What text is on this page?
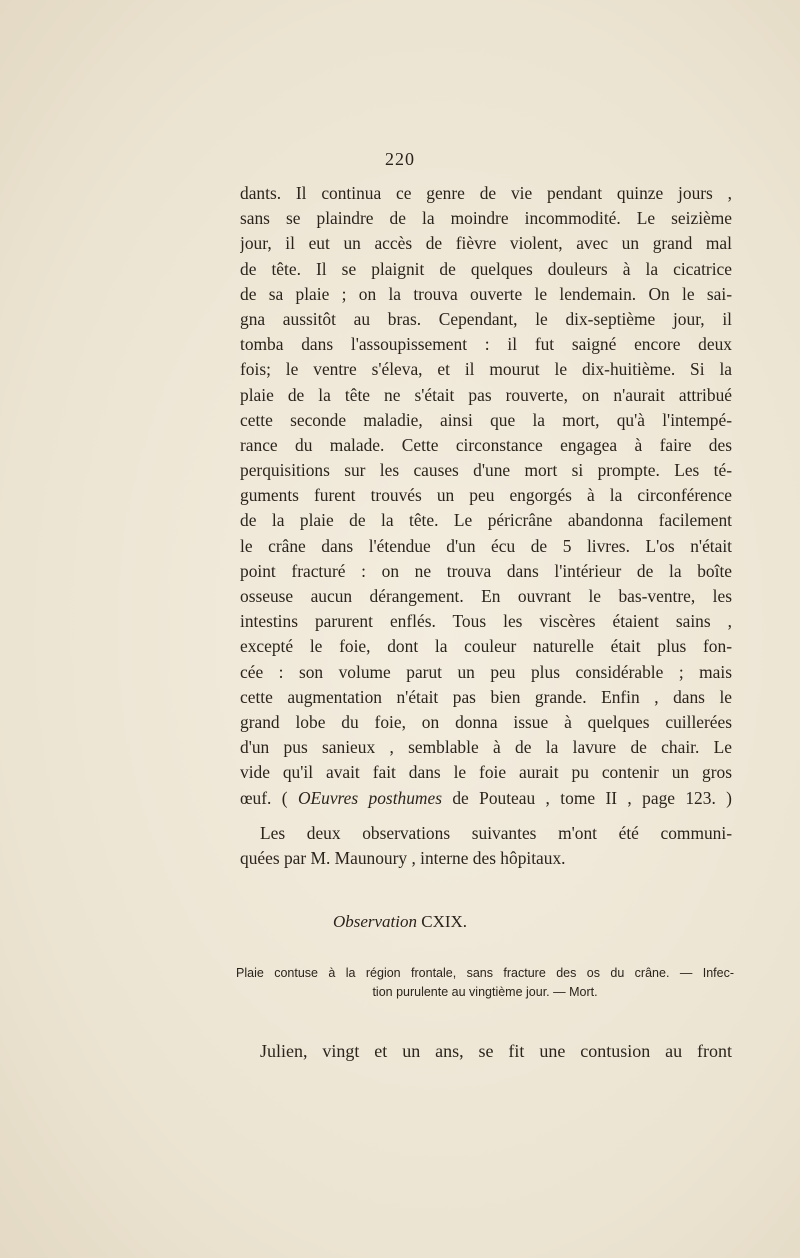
220
dants. Il continua ce genre de vie pendant quinze jours ,
sans se plaindre de la moindre incommodité. Le seizième
jour, il eut un accès de fièvre violent, avec un grand mal
de tête. Il se plaignit de quelques douleurs à la cicatrice
de sa plaie ; on la trouva ouverte le lendemain. On le sai-
gna aussitôt au bras. Cependant, le dix-septième jour, il
tomba dans l'assoupissement : il fut saigné encore deux
fois; le ventre s'éleva, et il mourut le dix-huitième. Si la
plaie de la tête ne s'était pas rouverte, on n'aurait attribué
cette seconde maladie, ainsi que la mort, qu'à l'intempé-
rance du malade. Cette circonstance engagea à faire des
perquisitions sur les causes d'une mort si prompte. Les té-
guments furent trouvés un peu engorgés à la circonférence
de la plaie de la tête. Le péricrâne abandonna facilement
le crâne dans l'étendue d'un écu de 5 livres. L'os n'était
point fracturé : on ne trouva dans l'intérieur de la boîte
osseuse aucun dérangement. En ouvrant le bas-ventre, les
intestins parurent enflés. Tous les viscères étaient sains ,
excepté le foie, dont la couleur naturelle était plus fon-
cée : son volume parut un peu plus considérable ; mais
cette augmentation n'était pas bien grande. Enfin , dans le
grand lobe du foie, on donna issue à quelques cuillerées
d'un pus sanieux , semblable à de la lavure de chair. Le
vide qu'il avait fait dans le foie aurait pu contenir un gros
œuf. ( OEuvres posthumes de Pouteau , tome II , page 123. )
Les deux observations suivantes m'ont été communi-
quées par M. Maunoury , interne des hôpitaux.
Observation CXIX.
Plaie contuse à la région frontale, sans fracture des os du crâne. — Infec-
tion purulente au vingtième jour. — Mort.
Julien, vingt et un ans, se fit une contusion au front
